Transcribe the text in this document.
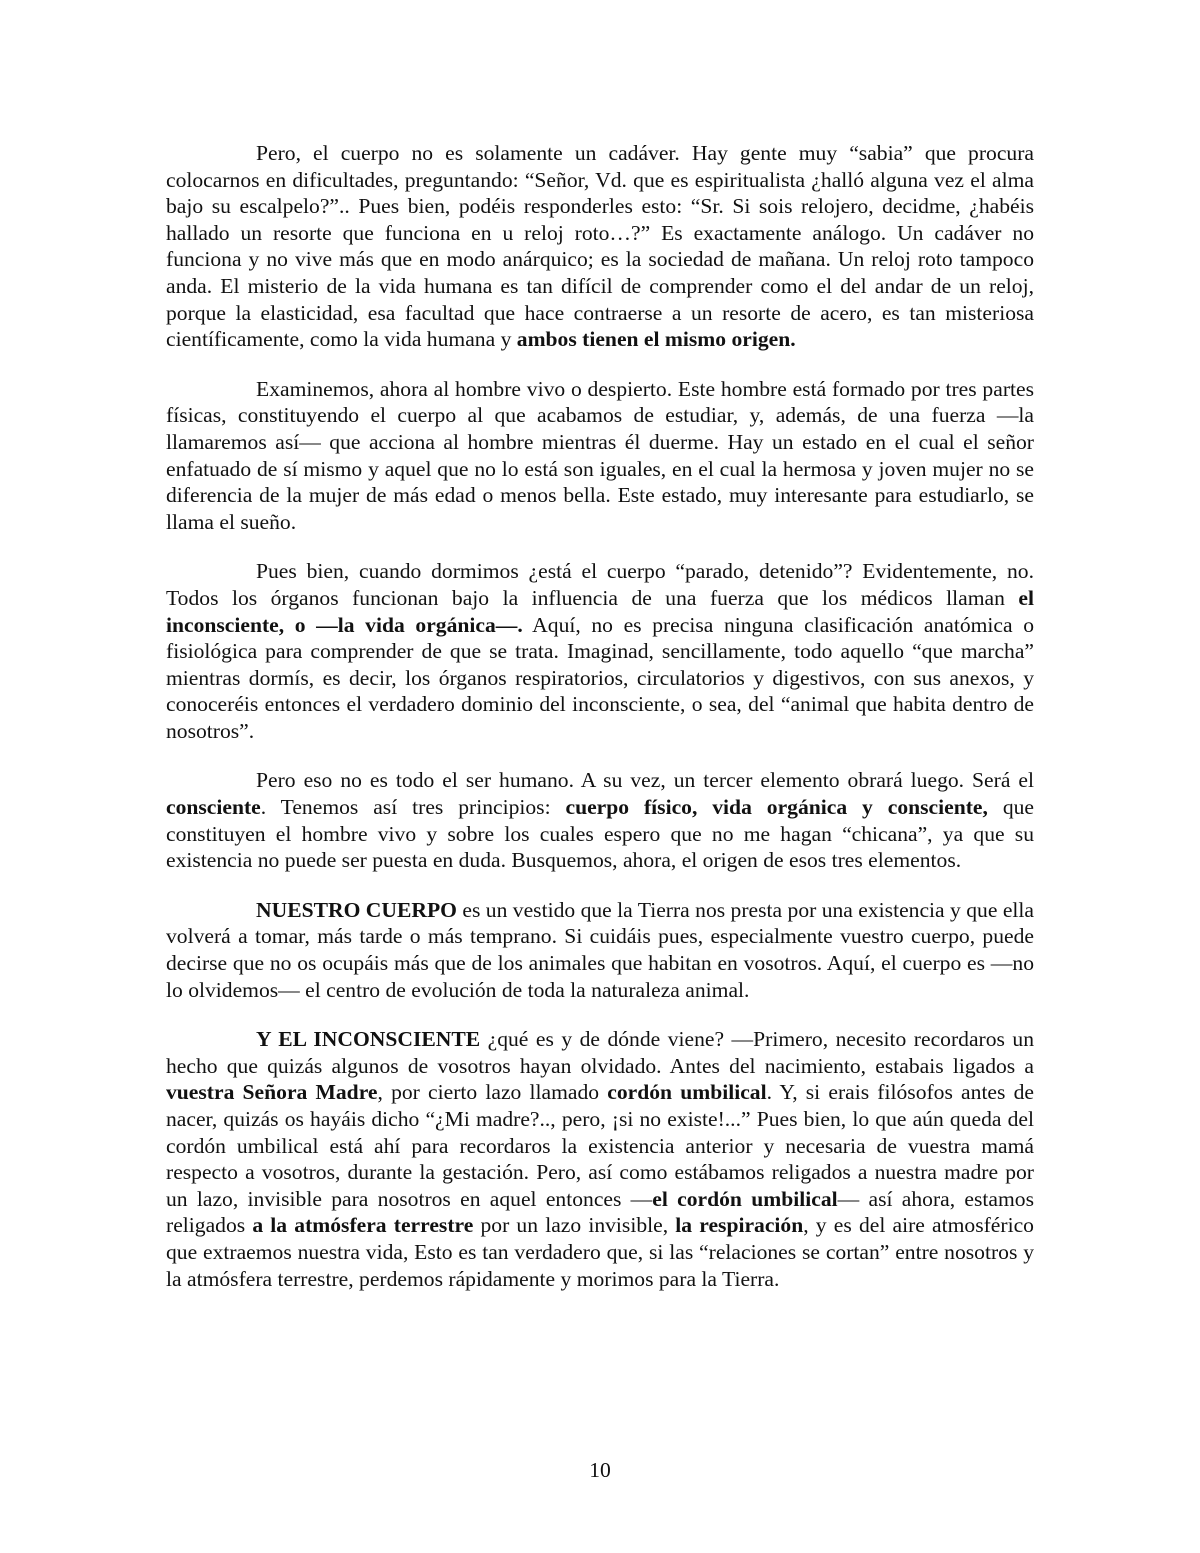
Pero, el cuerpo no es solamente un cadáver. Hay gente muy “sabia” que procura colocarnos en dificultades, preguntando: “Señor, Vd. que es espiritualista ¿halló alguna vez el alma bajo su escalpelo?”.. Pues bien, podéis responderles esto: “Sr. Si sois relojero, decidme, ¿habéis hallado un resorte que funciona en u reloj roto…?” Es exactamente análogo. Un cadáver no funciona y no vive más que en modo anárquico; es la sociedad de mañana. Un reloj roto tampoco anda. El misterio de la vida humana es tan difícil de comprender como el del andar de un reloj, porque la elasticidad, esa facultad que hace contraerse a un resorte de acero, es tan misteriosa científicamente, como la vida humana y ambos tienen el mismo origen.

Examinemos, ahora al hombre vivo o despierto. Este hombre está formado por tres partes físicas, constituyendo el cuerpo al que acabamos de estudiar, y, además, de una fuerza —la llamaremos así— que acciona al hombre mientras él duerme. Hay un estado en el cual el señor enfatuado de sí mismo y aquel que no lo está son iguales, en el cual la hermosa y joven mujer no se diferencia de la mujer de más edad o menos bella. Este estado, muy interesante para estudiarlo, se llama el sueño.

Pues bien, cuando dormimos ¿está el cuerpo “parado, detenido”? Evidentemente, no. Todos los órganos funcionan bajo la influencia de una fuerza que los médicos llaman el inconsciente, o —la vida orgánica—. Aquí, no es precisa ninguna clasificación anatómica o fisiológica para comprender de que se trata. Imaginad, sencillamente, todo aquello “que marcha” mientras dormís, es decir, los órganos respiratorios, circulatorios y digestivos, con sus anexos, y conoceréis entonces el verdadero dominio del inconsciente, o sea, del “animal que habita dentro de nosotros”.

Pero eso no es todo el ser humano. A su vez, un tercer elemento obrará luego. Será el consciente. Tenemos así tres principios: cuerpo físico, vida orgánica y consciente, que constituyen el hombre vivo y sobre los cuales espero que no me hagan “chicana”, ya que su existencia no puede ser puesta en duda. Busquemos, ahora, el origen de esos tres elementos.

NUESTRO CUERPO es un vestido que la Tierra nos presta por una existencia y que ella volverá a tomar, más tarde o más temprano. Si cuidáis pues, especialmente vuestro cuerpo, puede decirse que no os ocupáis más que de los animales que habitan en vosotros. Aquí, el cuerpo es —no lo olvidemos— el centro de evolución de toda la naturaleza animal.

Y EL INCONSCIENTE ¿qué es y de dónde viene? —Primero, necesito recordaros un hecho que quizás algunos de vosotros hayan olvidado. Antes del nacimiento, estabais ligados a vuestra Señora Madre, por cierto lazo llamado cordón umbilical. Y, si erais filósofos antes de nacer, quizás os hayáis dicho “¿Mi madre?.., pero, ¡si no existe!...” Pues bien, lo que aún queda del cordón umbilical está ahí para recordaros la existencia anterior y necesaria de vuestra mamá respecto a vosotros, durante la gestación. Pero, así como estábamos religados a nuestra madre por un lazo, invisible para nosotros en aquel entonces —el cordón umbilical— así ahora, estamos religados a la atmósfera terrestre por un lazo invisible, la respiración, y es del aire atmosférico que extraemos nuestra vida, Esto es tan verdadero que, si las “relaciones se cortan” entre nosotros y la atmósfera terrestre, perdemos rápidamente y morimos para la Tierra.

10
